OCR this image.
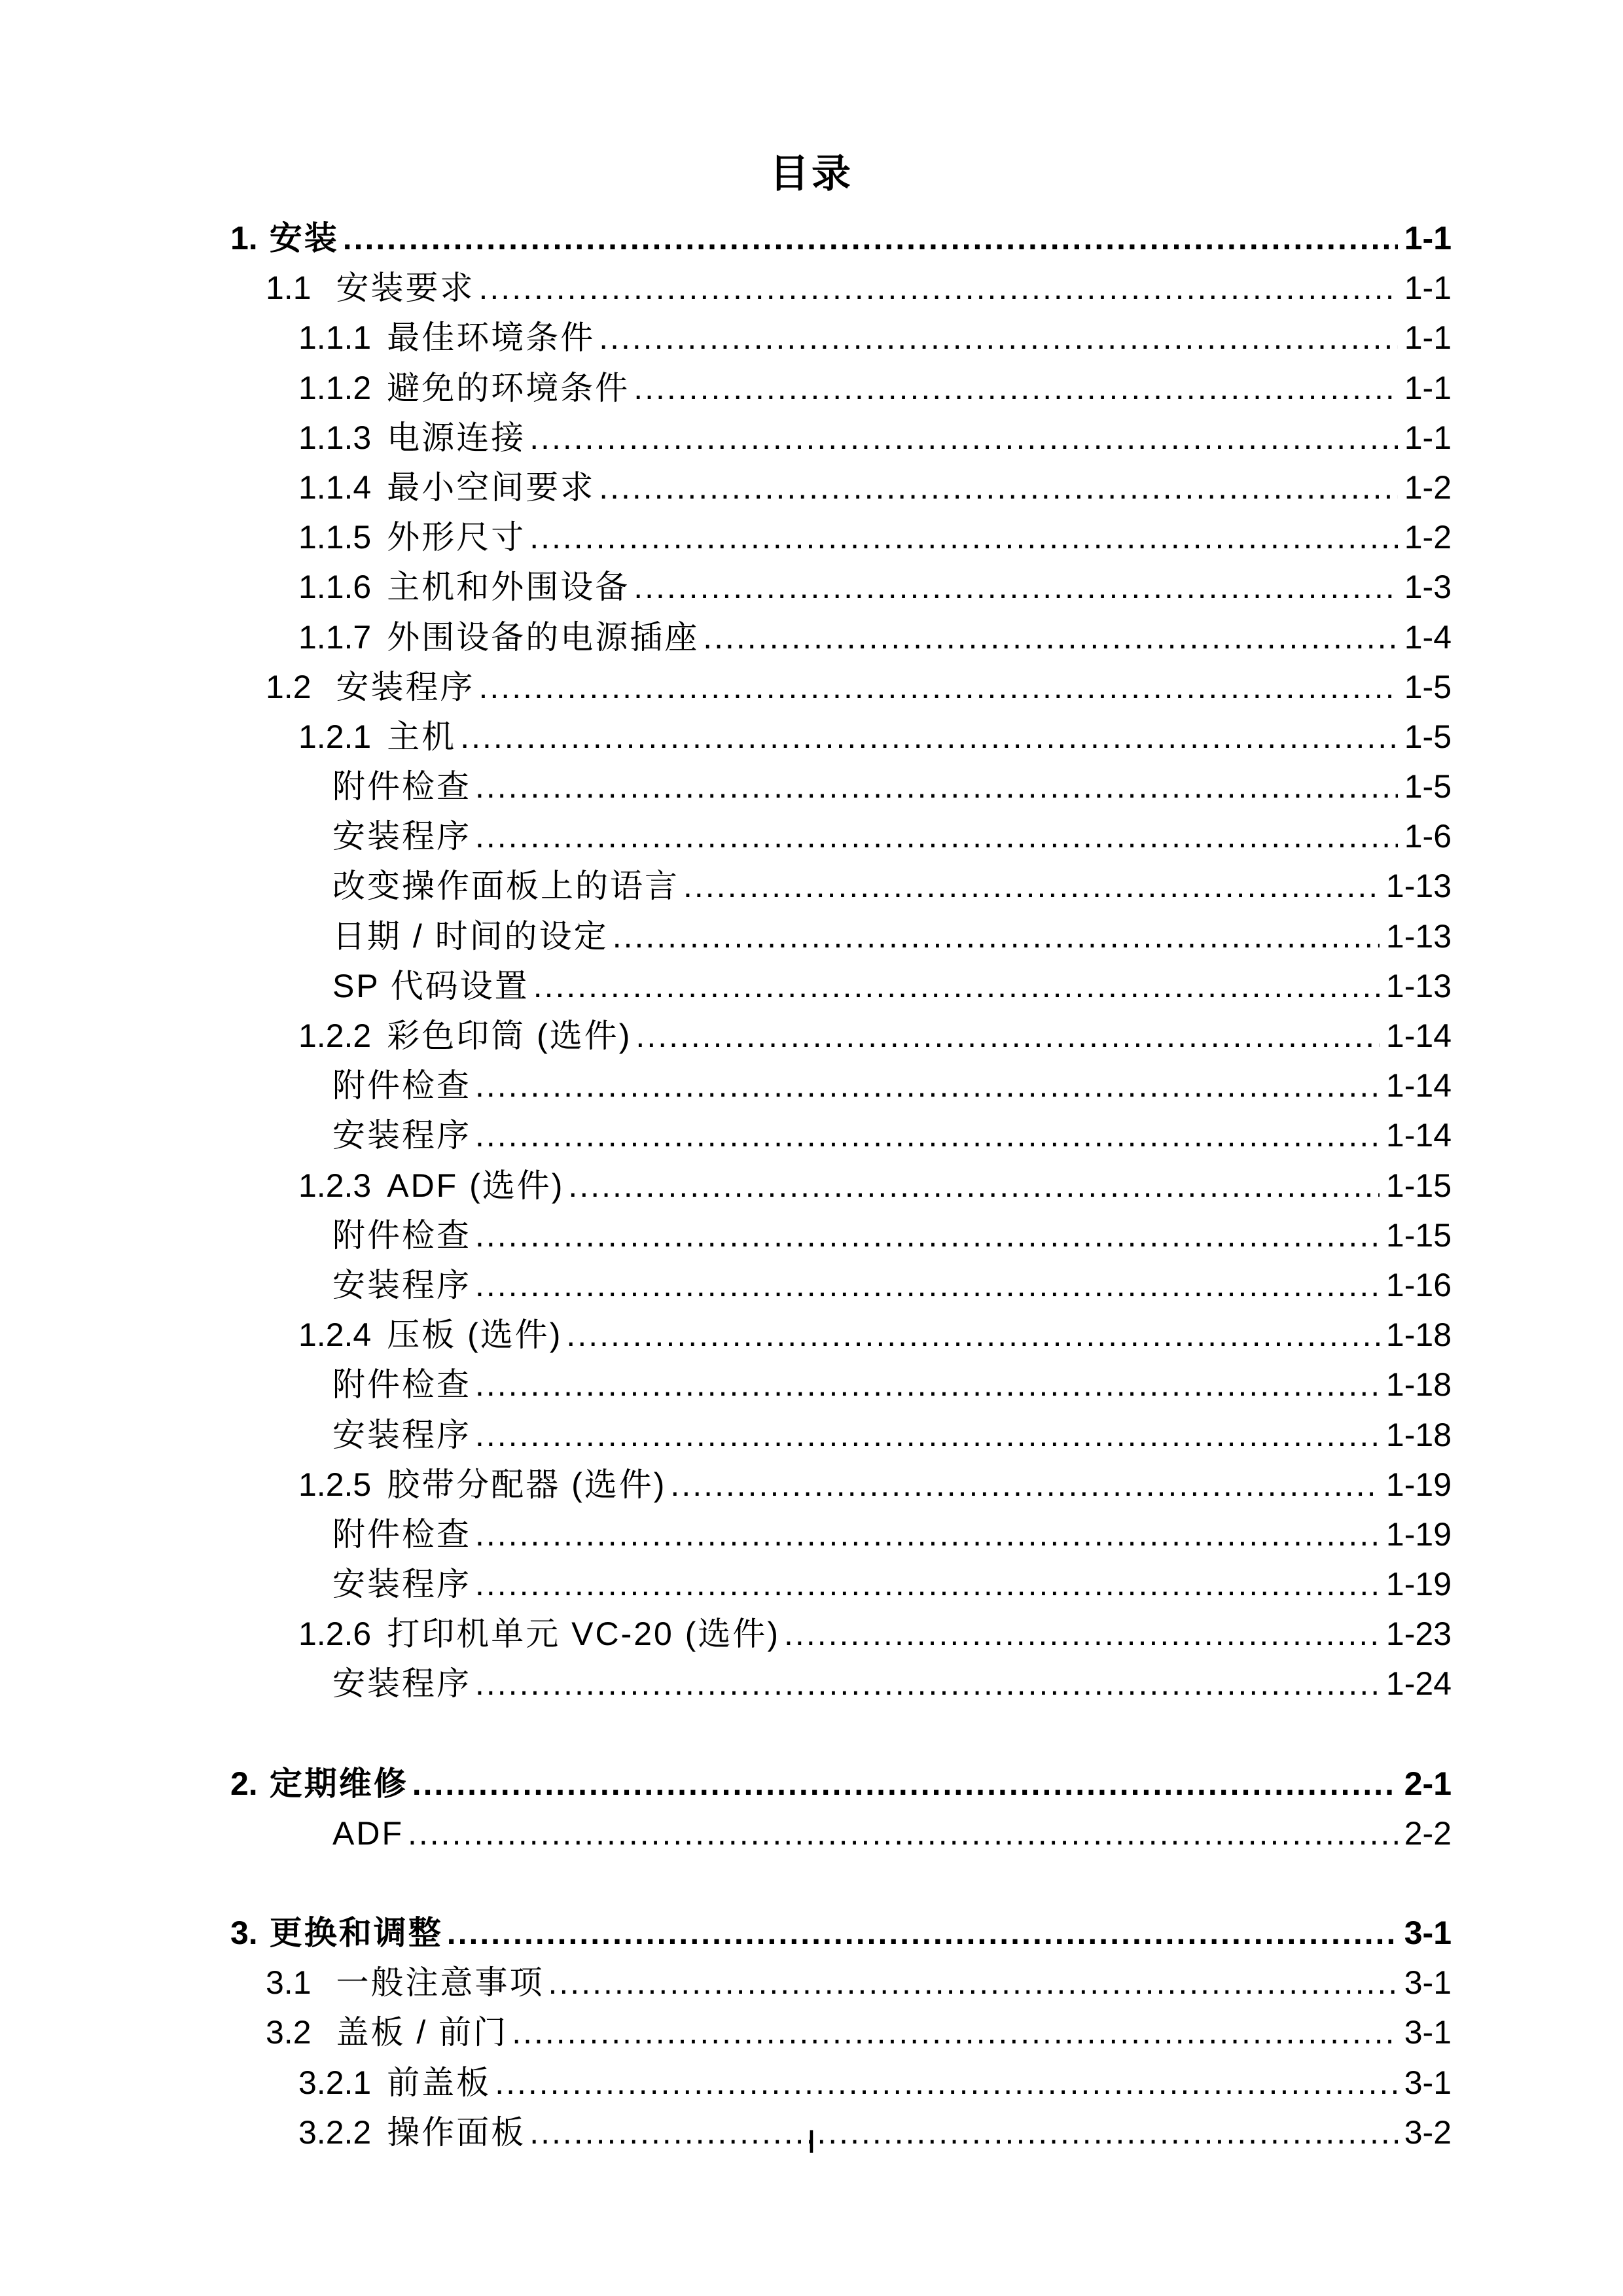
目录
1. 安装 .....	1-1
1.1 安装要求 .....	1-1
1.1.1 最佳环境条件 .....	1-1
1.1.2 避免的环境条件 .....	1-1
1.1.3 电源连接 .....	1-1
1.1.4 最小空间要求 .....	1-2
1.1.5 外形尺寸 .....	1-2
1.1.6 主机和外围设备 .....	1-3
1.1.7 外围设备的电源插座 .....	1-4
1.2 安装程序 .....	1-5
1.2.1 主机 .....	1-5
附件检查 .....	1-5
安装程序 .....	1-6
改变操作面板上的语言 .....	1-13
日期 / 时间的设定 .....	1-13
SP 代码设置 .....	1-13
1.2.2 彩色印筒 (选件) .....	1-14
附件检查 .....	1-14
安装程序 .....	1-14
1.2.3 ADF (选件) .....	1-15
附件检查 .....	1-15
安装程序 .....	1-16
1.2.4 压板 (选件) .....	1-18
附件检查 .....	1-18
安装程序 .....	1-18
1.2.5 胶带分配器 (选件) .....	1-19
附件检查 .....	1-19
安装程序 .....	1-19
1.2.6 打印机单元 VC-20 (选件) .....	1-23
安装程序 .....	1-24
2. 定期维修 .....	2-1
ADF .....	2-2
3. 更换和调整 .....	3-1
3.1 一般注意事项 .....	3-1
3.2 盖板 / 前门 .....	3-1
3.2.1 前盖板 .....	3-1
3.2.2 操作面板 .....	3-2
I
